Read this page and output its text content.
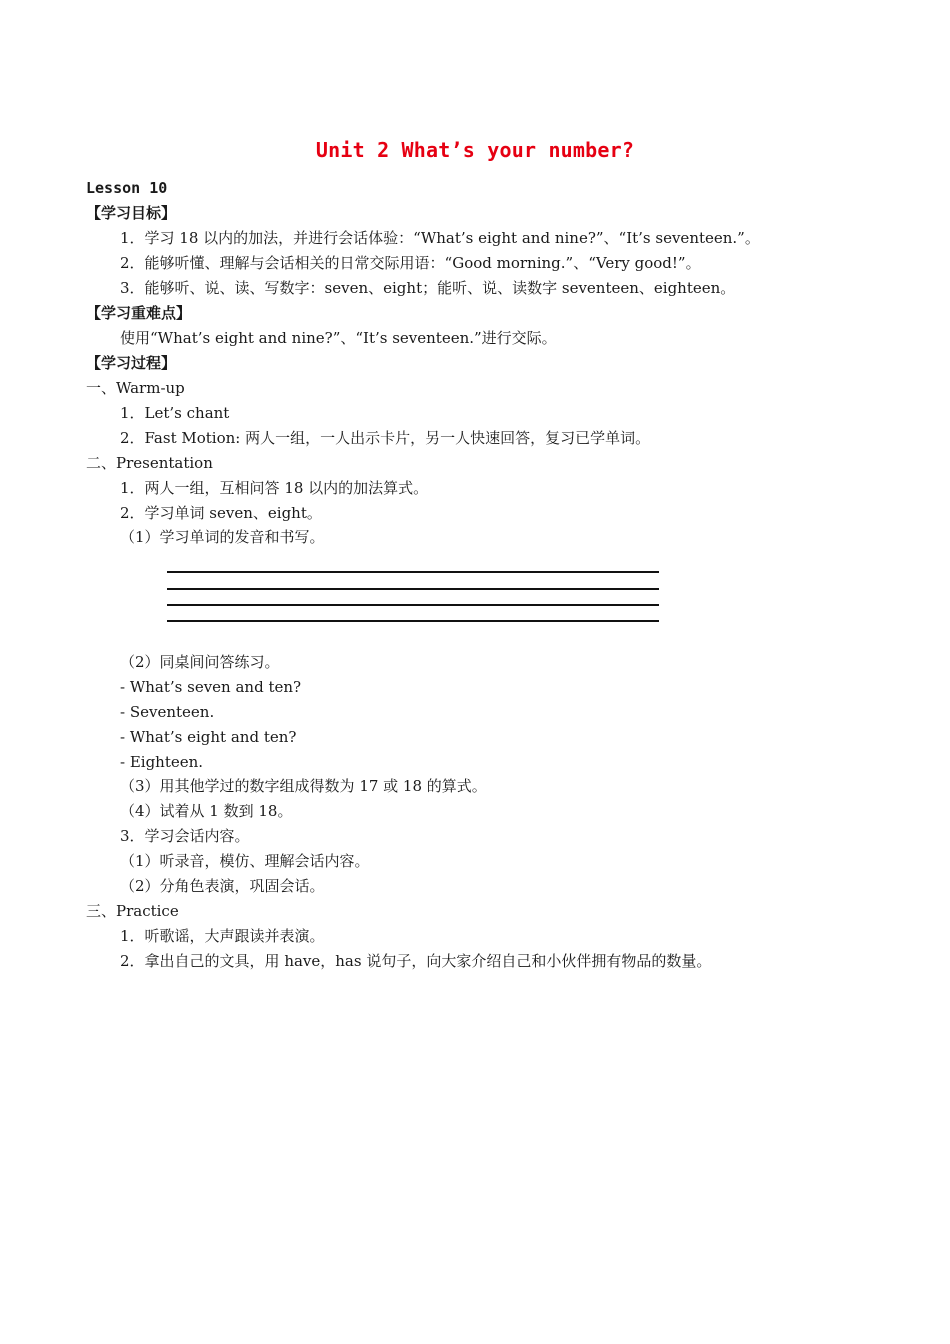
Unit 2 What’s your number?
Lesson 10
【学习目标】
1．学习 18 以内的加法，并进行会话体验：“What’s eight and nine?”、“It’s seventeen.”。
2．能够听懂、理解与会话相关的日常交际用语：“Good morning.”、“Very good!”。
3．能够听、说、读、写数字：seven、eight；能听、说、读数字 seventeen、eighteen。
【学习重难点】
使用“What’s eight and nine?”、“It’s seventeen.”进行交际。
【学习过程】
一、Warm-up
1．Let’s chant
2．Fast Motion: 两人一组，一人出示卡片，另一人快速回答，复习已学单词。
二、Presentation
1．两人一组，互相问答 18 以内的加法算式。
2．学习单词 seven、eight。
（1）学习单词的发音和书写。
（2）同桌间问答练习。
- What’s seven and ten?
- Seventeen.
- What’s eight and ten?
- Eighteen.
（3）用其他学过的数字组成得数为 17 或 18 的算式。
（4）试着从 1 数到 18。
3．学习会话内容。
（1）听录音，模仿、理解会话内容。
（2）分角色表演，巩固会话。
三、Practice
1．听歌谣，大声跟读并表演。
2．拿出自己的文具，用 have，has 说句子，向大家介绍自己和小伙伴拥有物品的数量。
